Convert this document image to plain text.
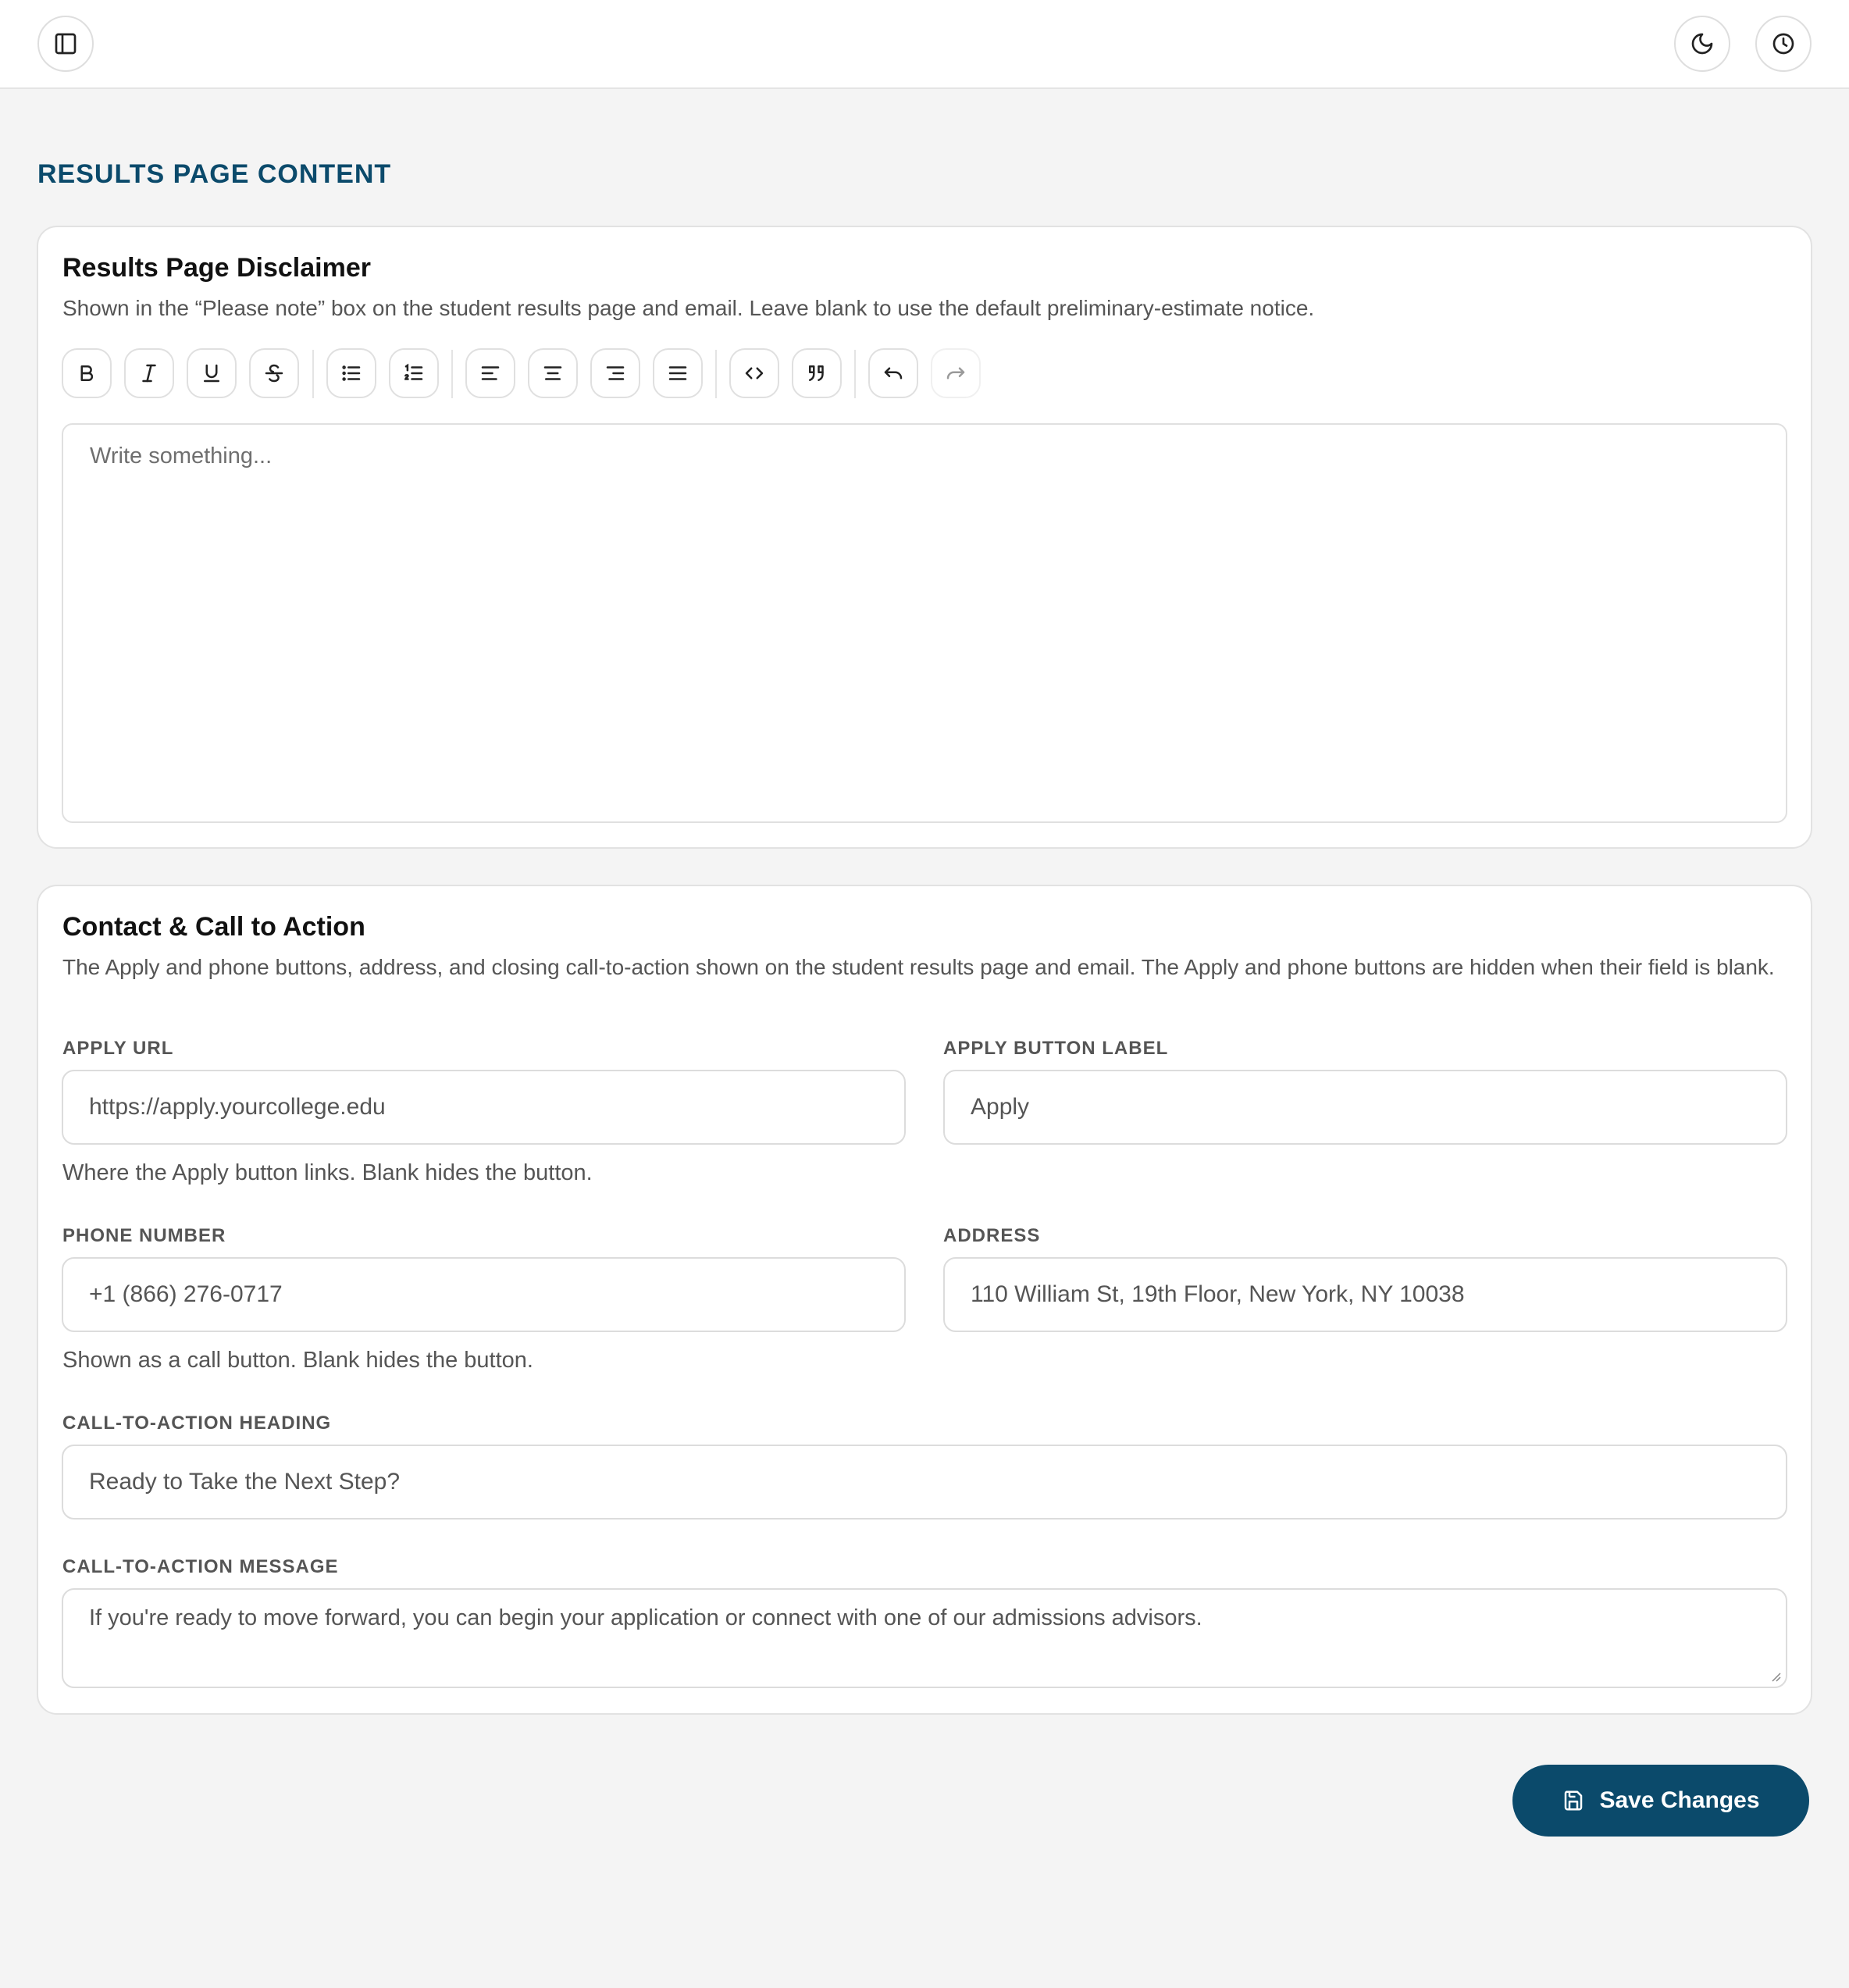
RESULTS PAGE CONTENT
Results Page Disclaimer
Shown in the “Please note” box on the student results page and email. Leave blank to use the default preliminary-estimate notice.
Write something...
Contact & Call to Action
The Apply and phone buttons, address, and closing call-to-action shown on the student results page and email. The Apply and phone buttons are hidden when their field is blank.
APPLY URL
https://apply.yourcollege.edu
Where the Apply button links. Blank hides the button.
APPLY BUTTON LABEL
Apply
PHONE NUMBER
+1 (866) 276-0717
Shown as a call button. Blank hides the button.
ADDRESS
110 William St, 19th Floor, New York, NY 10038
CALL-TO-ACTION HEADING
Ready to Take the Next Step?
CALL-TO-ACTION MESSAGE
If you're ready to move forward, you can begin your application or connect with one of our admissions advisors.
Save Changes
